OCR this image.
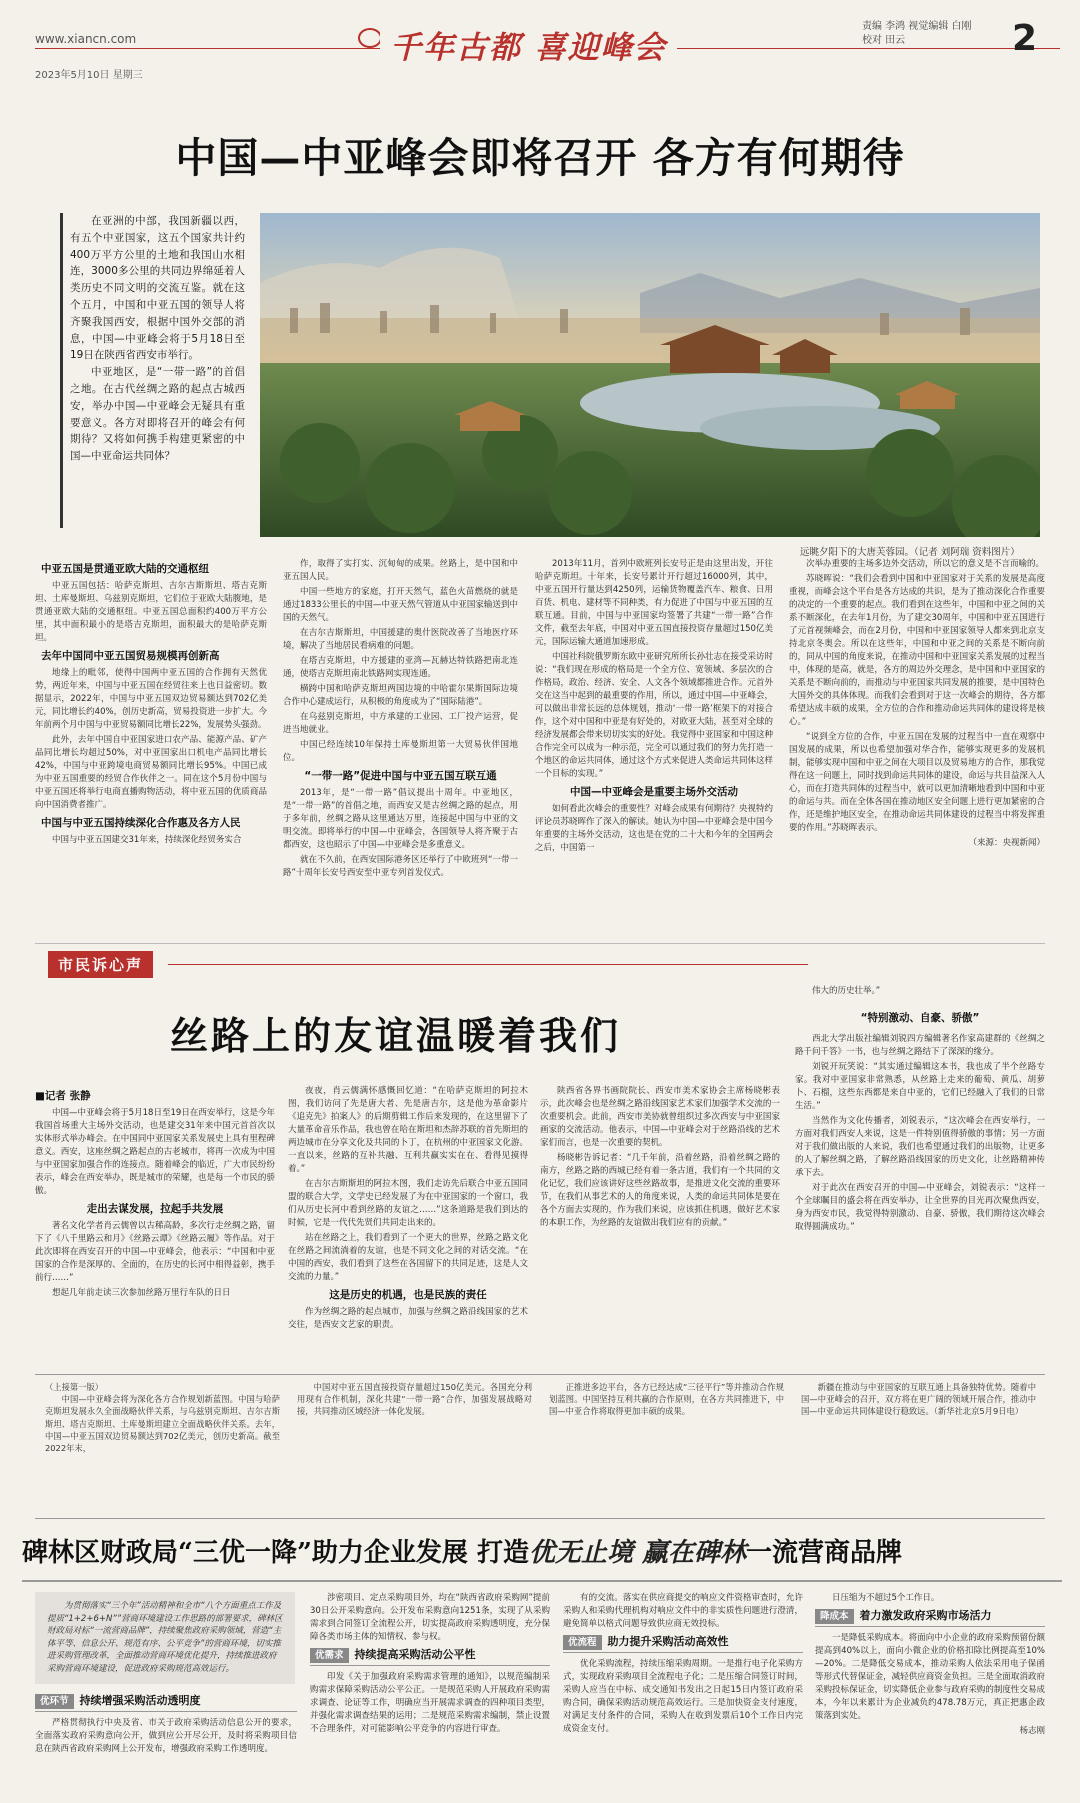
www.xiancn.com
2023年5月10日 星期三
千年古都 喜迎峰会
责编 李鸿 视觉编辑 白刚 校对 田云	2
中国—中亚峰会即将召开 各方有何期待

在亚洲的中部，我国新疆以西，有五个中亚国家，这五个国家共计约400万平方公里的土地和我国山水相连，3000多公里的共同边界绵延着人类历史不同文明的交流互鉴。就在这个五月，中国和中亚五国的领导人将齐聚我国西安，根据中国外交部的消息，中国—中亚峰会将于5月18日至19日在陕西省西安市举行。

中亚地区，是“一带一路”的首倡之地。在古代丝绸之路的起点古城西安，举办中国—中亚峰会无疑具有重要意义。各方对即将召开的峰会有何期待？又将如何携手构建更紧密的中国—中亚命运共同体？

远眺夕阳下的大唐芙蓉园。（记者 刘阿瑞 资料图片）
中亚五国是贯通亚欧大陆的交通枢纽

中亚五国包括：哈萨克斯坦、吉尔吉斯斯坦、塔吉克斯坦、土库曼斯坦、乌兹别克斯坦，它们位于亚欧大陆腹地，是贯通亚欧大陆的交通枢纽。中亚五国总面积约400万平方公里，其中面积最小的是塔吉克斯坦，面积最大的是哈萨克斯坦。

去年中国同中亚五国贸易规模再创新高

地缘上的毗邻，使得中国两中亚五国的合作拥有天然优势，两近年来，中国与中亚五国在经贸往来上也日益密切。数据显示，2022年，中国与中亚五国双边贸易额达到702亿美元，同比增长约40%，创历史新高，贸易投资进一步扩大。今年前两个月中国与中亚贸易额同比增长22%，发展势头强劲。

此外，去年中国自中亚国家进口农产品、能源产品、矿产品同比增长均超过50%，对中亚国家出口机电产品同比增长42%，中国与中亚跨境电商贸易额同比增长95%。中国已成为中亚五国重要的经贸合作伙伴之一。同在这个5月份中国与中亚五国还将举行电商直播购物活动，将中亚五国的优质商品向中国消费者推广。

中国与中亚五国持续深化合作惠及各方人民

中国与中亚五国建交31年来，持续深化经贸务实合

作，取得了实打实、沉甸甸的成果。丝路上，是中国和中亚五国人民。

中国一些地方的家庭，打开天然气，蓝色火苗燃烧的就是通过1833公里长的中国—中亚天然气管道从中亚国家输送到中国的天然气。

在吉尔吉斯斯坦，中国援建的奥什医院改善了当地医疗环境，解决了当地居民看病难的问题。

在塔吉克斯坦，中方援建的亚湾—瓦赫达特铁路把南北连通，使塔吉克斯坦南北铁路网实现连通。

横跨中国和哈萨克斯坦两国边境的中哈霍尔果斯国际边境合作中心建成运行，从积极的角度成为了“国际陆港”。

在乌兹别克斯坦，中方承建的工业园、工厂投产运营，促进当地就业。

中国已经连续10年保持土库曼斯坦第一大贸易伙伴国地位。

“一带一路”促进中国与中亚五国互联互通

2013年，是“一带一路”倡议提出十周年。中亚地区，是“一带一路”的首倡之地，而西安又是古丝绸之路的起点，用于多年前，丝绸之路从这里通达万里，连接起中国与中亚的文明交流。即将举行的中国—中亚峰会，各国领导人将齐聚于古都西安，这也昭示了中国—中亚峰会是多重意义。

就在不久前，在西安国际港务区还举行了中欧班列“一带一路”十周年长安号西安至中亚专列首发仪式。

2013年11月，首列中欧班列长安号正是由这里出发，开往哈萨克斯坦。十年来，长安号累计开行超过16000列，其中，中亚五国开行量达到4250列，运输货物覆盖汽车、粮食、日用百货、机电、建材等不同种类，有力促进了中国与中亚五国的互联互通。目前，中国与中亚国家均签署了共建“一带一路”合作文件，截至去年底，中国对中亚五国直接投资存量超过150亿美元，国际运输大通道加速形成。

中国社科院俄罗斯东欧中亚研究所所长孙壮志在接受采访时说：“我们现在形成的格局是一个全方位、宽领域、多层次的合作格局，政治、经济、安全、人文各个领域都推进合作。元首外交在这当中起到的最重要的作用，所以，通过中国—中亚峰会，可以做出非常长远的总体规划，推动‘一带一路’框架下的对接合作，这个对中国和中亚是有好处的，对欧亚大陆，甚至对全球的经济发展都会带来切切实实的好处。我觉得中亚国家和中国这种合作完全可以成为一种示范，完全可以通过我们的努力先打造一个地区的命运共同体，通过这个方式来促进人类命运共同体这样一个目标的实现。”

中国—中亚峰会是重要主场外交活动

如何看此次峰会的重要性？对峰会成果有何期待？央视特约评论员苏晓晖作了深入的解读。她认为中国—中亚峰会是中国今年重要的主场外交活动，这也是在党的二十大和今年的全国两会之后，中国第一

次举办重要的主场多边外交活动，所以它的意义是不言而喻的。

苏晓晖说：“我们会看到中国和中亚国家对于关系的发展是高度重视，而峰会这个平台是各方达成的共识，是为了推动深化合作重要的决定的一个重要的起点。我们看到在这些年，中国和中亚之间的关系不断深化，在去年1月份，为了建交30周年，中国和中亚五国进行了元首视频峰会，而在2月份，中国和中亚国家领导人都来到北京支持北京冬奥会。所以在这些年，中国和中亚之间的关系是不断向前的，同从中国的角度来说，在推动中国和中亚国家关系发展的过程当中，体现的是高，就是，各方的周边外交理念，是中国和中亚国家的关系是不断向前的，而推动与中亚国家共同发展的推要，是中国特色大国外交的具体体现。而我们会看到对于这一次峰会的期待，各方都希望达成丰硕的成果，全方位的合作和推动命运共同体的建设将是核心。”

“说到全方位的合作，中亚五国在发展的过程当中一直在观察中国发展的成果，所以也希望加强对华合作，能够实现更多的发展机制，能够实现中国和中亚之间在大项目以及贸易地方的合作，那我觉得在这一问题上，同时找到命运共同体的建设，命运与共目益深入人心，而在打造共同体的过程当中，就可以更加清晰地看到中国和中亚的命运与共。而在全体各国在推动地区安全问题上进行更加紧密的合作，还是维护地区安全，在推动命运共同体建设的过程当中将发挥重要的作用。”苏晓晖表示。

（来源：央视新闻）

市民诉心声
丝路上的友谊温暖着我们
■记者 张静

中国—中亚峰会将于5月18日至19日在西安举行，这是今年我国首场重大主场外交活动，也是建交31年来中国元首首次以实体形式举办峰会。在中国同中亚国家关系发展史上具有里程碑意义。西安，这座丝绸之路起点的古老城市，将再一次成为中国与中亚国家加强合作的连接点。随着峰会的临近，广大市民纷纷表示，峰会在西安举办，既是城市的荣耀，也是每一个市民的骄傲。

走出去谋发展，拉起手共发展

著名文化学者肖云儒曾以古稀高龄，多次行走丝绸之路，留下了《八千里路云和月》《丝路云谭》《丝路云履》等作品。对于此次即将在西安召开的中国—中亚峰会，他表示：“中国和中亚国家的合作是深厚的、全面的，在历史的长河中相得益彰，携手前行……”

想起几年前走读三次参加丝路万里行车队的日日

夜夜，肖云儒满怀感慨回忆道：“在哈萨克斯坦的阿拉木图，我们访问了先是唐大者、先是唐吉尔，这是他为革命影片《追克先》拍案人》的后期剪辑工作后来发现的，在这里留下了大量革命音乐作品，我也曾在哈在斯坦和杰辞苏联的首先斯坦的两边城市在分享文化及共同的卜丁，在杭州的中亚国家文化游。一直以来，丝路的互补共融、互利共赢实实在在、看得见摸得着。”

在吉尔吉斯斯坦的阿拉木图，我们走访先后联合中亚五国同盟的联合大学，文学史已经发展了为在中亚国家的一个窗口，我们从历史长河中看到丝路的友谊之……”这条道路是我们到达的时候，它是一代代先贤们共同走出来的。

站在丝路之上，我们看到了一个更大的世界，丝路之路文化在丝路之间流淌着的友谊，也是不同文化之间的对话交流。“在中国的西安，我们看到了这些在各国留下的共同足迹，这是人文交流的力量。”

这是历史的机遇，也是民族的责任

作为丝绸之路的起点城市，加强与丝绸之路沿线国家的艺术交往，是西安文艺家的职责。

陕西省各界书画院院长、西安市美术家协会主席杨晓彬表示，此次峰会也是丝绸之路沿线国家艺术家们加强学术交流的一次重要机会。此前，西安市美协就曾组织过多次西安与中亚国家画家的交流活动。他表示，中国—中亚峰会对于丝路沿线的艺术家们而言，也是一次重要的契机。

杨晓彬告诉记者：“几千年前，沿着丝路，沿着丝绸之路的南方，丝路之路的西城已经有着一条古道，我们有一个共同的文化记忆，我们应该讲好这些丝路故事，是推进文化交流的重要环节，在我们从事艺术的人的角度来说，人类的命运共同体是要在各个方面去实现的，作为我们来说，应该抓住机遇，做好艺术家的本职工作，为丝路的友谊做出我们应有的贡献。”

伟大的历史壮举。”

“特别激动、自豪、骄傲”

西北大学出版社编辑刘锐四方编辑著名作家高建群的《丝绸之路千问千答》一书，也与丝绸之路结下了深深的缘分。

刘锐开玩笑说：“其实通过编辑这本书，我也成了半个丝路专家。我对中亚国家非常熟悉，从丝路上走来的葡萄、黄瓜、胡萝卜、石榴，这些东西都是来自中亚的，它们已经融入了我们的日常生活。”

当然作为文化传播者，刘锐表示，“这次峰会在西安举行，一方面对我们西安人来说，这是一件特别值得骄傲的事情；另一方面对于我们做出版的人来说，我们也希望通过我们的出版物，让更多的人了解丝绸之路，了解丝路沿线国家的历史文化，让丝路精神传承下去。

对于此次在西安召开的中国—中亚峰会，刘锐表示：“这样一个全球瞩目的盛会将在西安举办，让全世界的目光再次聚焦西安，身为西安市民，我觉得特别激动、自豪、骄傲，我们期待这次峰会取得圆满成功。”

（上接第一版）

中国—中亚峰会将为深化各方合作规划新蓝图。中国与哈萨克斯坦发展永久全面战略伙伴关系，与乌兹别克斯坦、吉尔吉斯斯坦、塔吉克斯坦、土库曼斯坦建立全面战略伙伴关系。去年，中国—中亚五国双边贸易额达到702亿美元，创历史新高。截至2022年末，

中国对中亚五国直接投资存量超过150亿美元。各国充分利用现有合作机制，深化共建“一带一路”合作，加强发展战略对接，共同推动区域经济一体化发展。

正推进多边平台，各方已经达成“三径平行”等并推动合作规划蓝图。中国坚持互利共赢的合作原则，在各方共同推进下，中国—中亚合作将取得更加丰硕的成果。

新疆在推动与中亚国家的互联互通上具备独特优势。随着中国—中亚峰会的召开，双方将在更广阔的领域开展合作，推动中国—中亚命运共同体建设行稳致远。（新华社北京5月9日电）

碑林区财政局“三优一降”助力企业发展 打造优无止境 赢在碑林一流营商品牌

为贯彻落实“三个年”活动精神和全市“八个方面重点工作及提质“1+2+6+N””营商环境建设工作思路的部署要求，碑林区财政局对标“一流营商品牌”，持续聚焦政府采购领域，营造“主体平等、信息公开、规范有序、公平竞争”的营商环境，切实推进采购管理改革，全面推动营商环境优化提升，持续推进政府采购营商环境建设，促进政府采购规范高效运行。

优环节 持续增强采购活动透明度

严格贯彻执行中央及省、市关于政府采购活动信息公开的要求，全面落实政府采购意向公开，做到应公开尽公开，及时将采购项目信息在陕西省政府采购网上公开发布，增强政府采购工作透明度。

涉密项目、定点采购项目外，均在“陕西省政府采购网”提前30日公开采购意向。公开发布采购意向1251条，实现了从采购需求到合同签订全流程公开，切实提高政府采购透明度，充分保障各类市场主体的知情权、参与权。

优需求 持续提高采购活动公平性

印发《关于加强政府采购需求管理的通知》，以规范编制采购需求保障采购活动公平公正。一是规范采购人开展政府采购需求调查、论证等工作，明确应当开展需求调查的四种项目类型，并强化需求调查结果的运用；二是规范采购需求编制，禁止设置不合理条件，对可能影响公平竞争的内容进行审查。

有的交流。落实在供应商提交的响应文件资格审查时，允许采购人和采购代理机构对响应文件中的非实质性问题进行澄清，避免简单以格式问题导致供应商无效投标。

优流程 助力提升采购活动高效性

优化采购流程，持续压缩采购周期。一是推行电子化采购方式，实现政府采购项目全流程电子化；二是压缩合同签订时间，采购人应当在中标、成交通知书发出之日起15日内签订政府采购合同，确保采购活动规范高效运行。三是加快资金支付速度，对满足支付条件的合同，采购人在收到发票后10个工作日内完成资金支付。

日压缩为不超过5个工作日。

降成本 着力激发政府采购市场活力

一是降低采购成本。将面向中小企业的政府采购预留份额提高到40%以上，面向小微企业的价格扣除比例提高至10%—20%。二是降低交易成本，推动采购人依法采用电子保函等形式代替保证金，减轻供应商资金负担。三是全面取消政府采购投标保证金，切实降低企业参与政府采购的制度性交易成本，今年以来累计为企业减负约478.78万元，真正把惠企政策落到实处。

杨志刚
